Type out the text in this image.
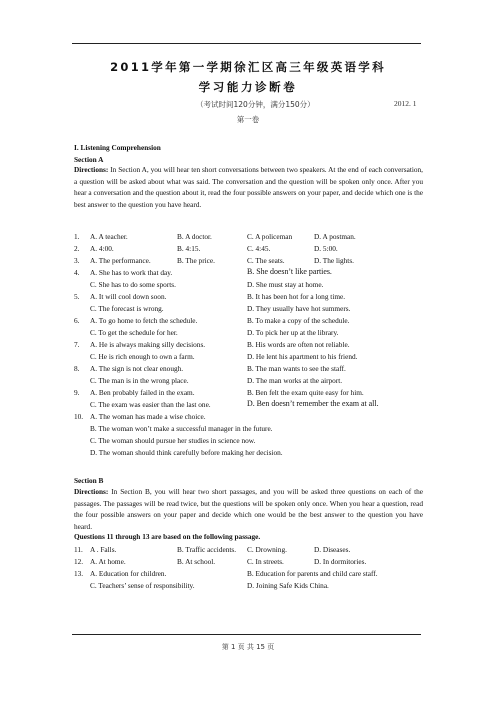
2011学年第一学期徐汇区高三年级英语学科
学习能力诊断卷
（考试时间120分钟，满分150分）	2012. 1
第一卷
I. Listening Comprehension
Section A
Directions: In Section A, you will hear ten short conversations between two speakers. At the end of each conversation, a question will be asked about what was said. The conversation and the question will be spoken only once. After you hear a conversation and the question about it, read the four possible answers on your paper, and decide which one is the best answer to the question you have heard.
1. A. A teacher.	B. A doctor.	C. A policeman	D. A postman.
2. A. 4:00.	B. 4:15.	C. 4:45.	D. 5:00.
3. A. The performance.	B. The price.	C. The seats.	D. The lights.
4. A. She has to work that day.	B. She doesn’t like parties.
C. She has to do some sports.	D. She must stay at home.
5. A. It will cool down soon.	B. It has been hot for a long time.
C. The forecast is wrong.	D. They usually have hot summers.
6. A. To go home to fetch the schedule.	B. To make a copy of the schedule.
C. To get the schedule for her.	D. To pick her up at the library.
7. A. He is always making silly decisions.	B. His words are often not reliable.
C. He is rich enough to own a farm.	D. He lent his apartment to his friend.
8. A. The sign is not clear enough.	B. The man wants to see the staff.
C. The man is in the wrong place.	D. The man works at the airport.
9. A. Ben probably failed in the exam.	B. Ben felt the exam quite easy for him.
C. The exam was easier than the last one.	D. Ben doesn’t remember the exam at all.
10. A. The woman has made a wise choice.
B. The woman won’t make a successful manager in the future.
C. The woman should pursue her studies in science now.
D. The woman should think carefully before making her decision.
Section B
Directions: In Section B, you will hear two short passages, and you will be asked three questions on each of the passages. The passages will be read twice, but the questions will be spoken only once. When you hear a question, read the four possible answers on your paper and decide which one would be the best answer to the question you have heard.
Questions 11 through 13 are based on the following passage.
11. A . Falls.	B. Traffic accidents. C. Drowning.	D. Diseases.
12. A. At home.	B. At school.	C. In streets.	D. In dormitories.
13. A. Education for children.	B. Education for parents and child care staff.
C. Teachers’ sense of responsibility.	D. Joining Safe Kids China.
第 1 页 共 15 页
